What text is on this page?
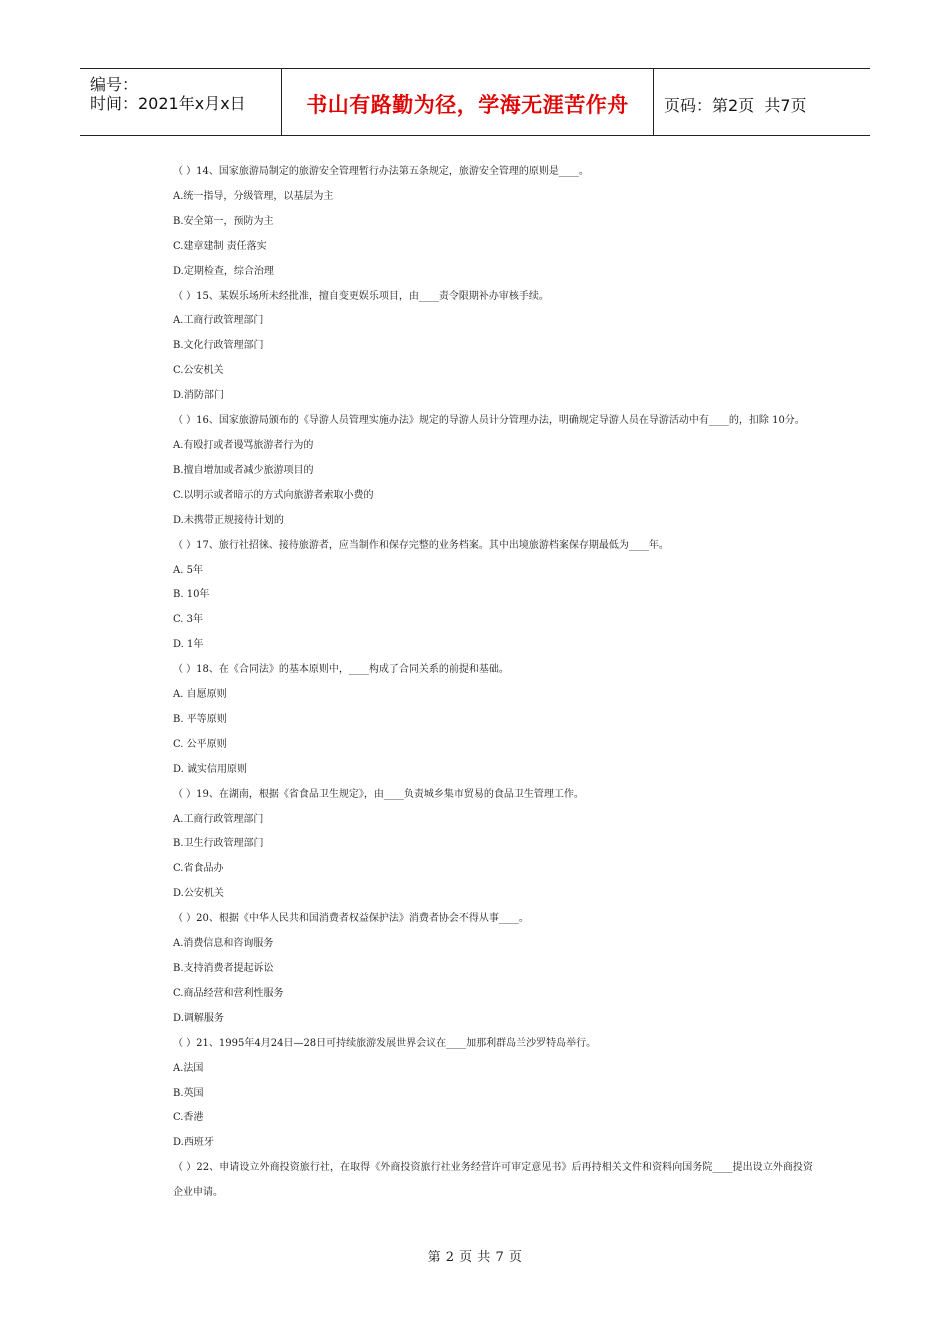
编号：
时间：2021年x月x日	书山有路勤为径，学海无涯苦作舟 页码：第2页  共7页

（ ）14、国家旅游局制定的旅游安全管理暂行办法第五条规定，旅游安全管理的原则是____。

A.统一指导，分级管理，以基层为主

B.安全第一，预防为主

C.建章建制 责任落实

D.定期检查，综合治理

（ ）15、某娱乐场所未经批准，擅自变更娱乐项目，由____责令限期补办审核手续。

A.工商行政管理部门

B.文化行政管理部门

C.公安机关

D.消防部门

（ ）16、国家旅游局颁布的《导游人员管理实施办法》规定的导游人员计分管理办法，明确规定导游人员在导游活动中有____的，扣除 10分。

A.有殴打或者谩骂旅游者行为的

B.擅自增加或者减少旅游项目的

C.以明示或者暗示的方式向旅游者索取小费的

D.未携带正规接待计划的

（ ）17、旅行社招徕、接待旅游者，应当制作和保存完整的业务档案。其中出境旅游档案保存期最低为____年。

A. 5年

B. 10年

C. 3年

D. 1年

（ ）18、在《合同法》的基本原则中，____构成了合同关系的前提和基础。

A. 自愿原则

B. 平等原则

C. 公平原则

D. 诚实信用原则

（ ）19、在湖南，根据《省食品卫生规定》，由____负责城乡集市贸易的食品卫生管理工作。

A.工商行政管理部门

B.卫生行政管理部门

C.省食品办

D.公安机关

（ ）20、根据《中华人民共和国消费者权益保护法》消费者协会不得从事____。

A.消费信息和咨询服务

B.支持消费者提起诉讼

C.商品经营和营利性服务

D.调解服务

（ ）21、1995年4月24日—28日可持续旅游发展世界会议在____加那利群岛兰沙罗特岛举行。

A.法国

B.英国

C.香港

D.西班牙

（ ）22、申请设立外商投资旅行社，在取得《外商投资旅行社业务经营许可审定意见书》后再持相关文件和资料向国务院____提出设立外商投资企业申请。

第 2 页 共 7 页
